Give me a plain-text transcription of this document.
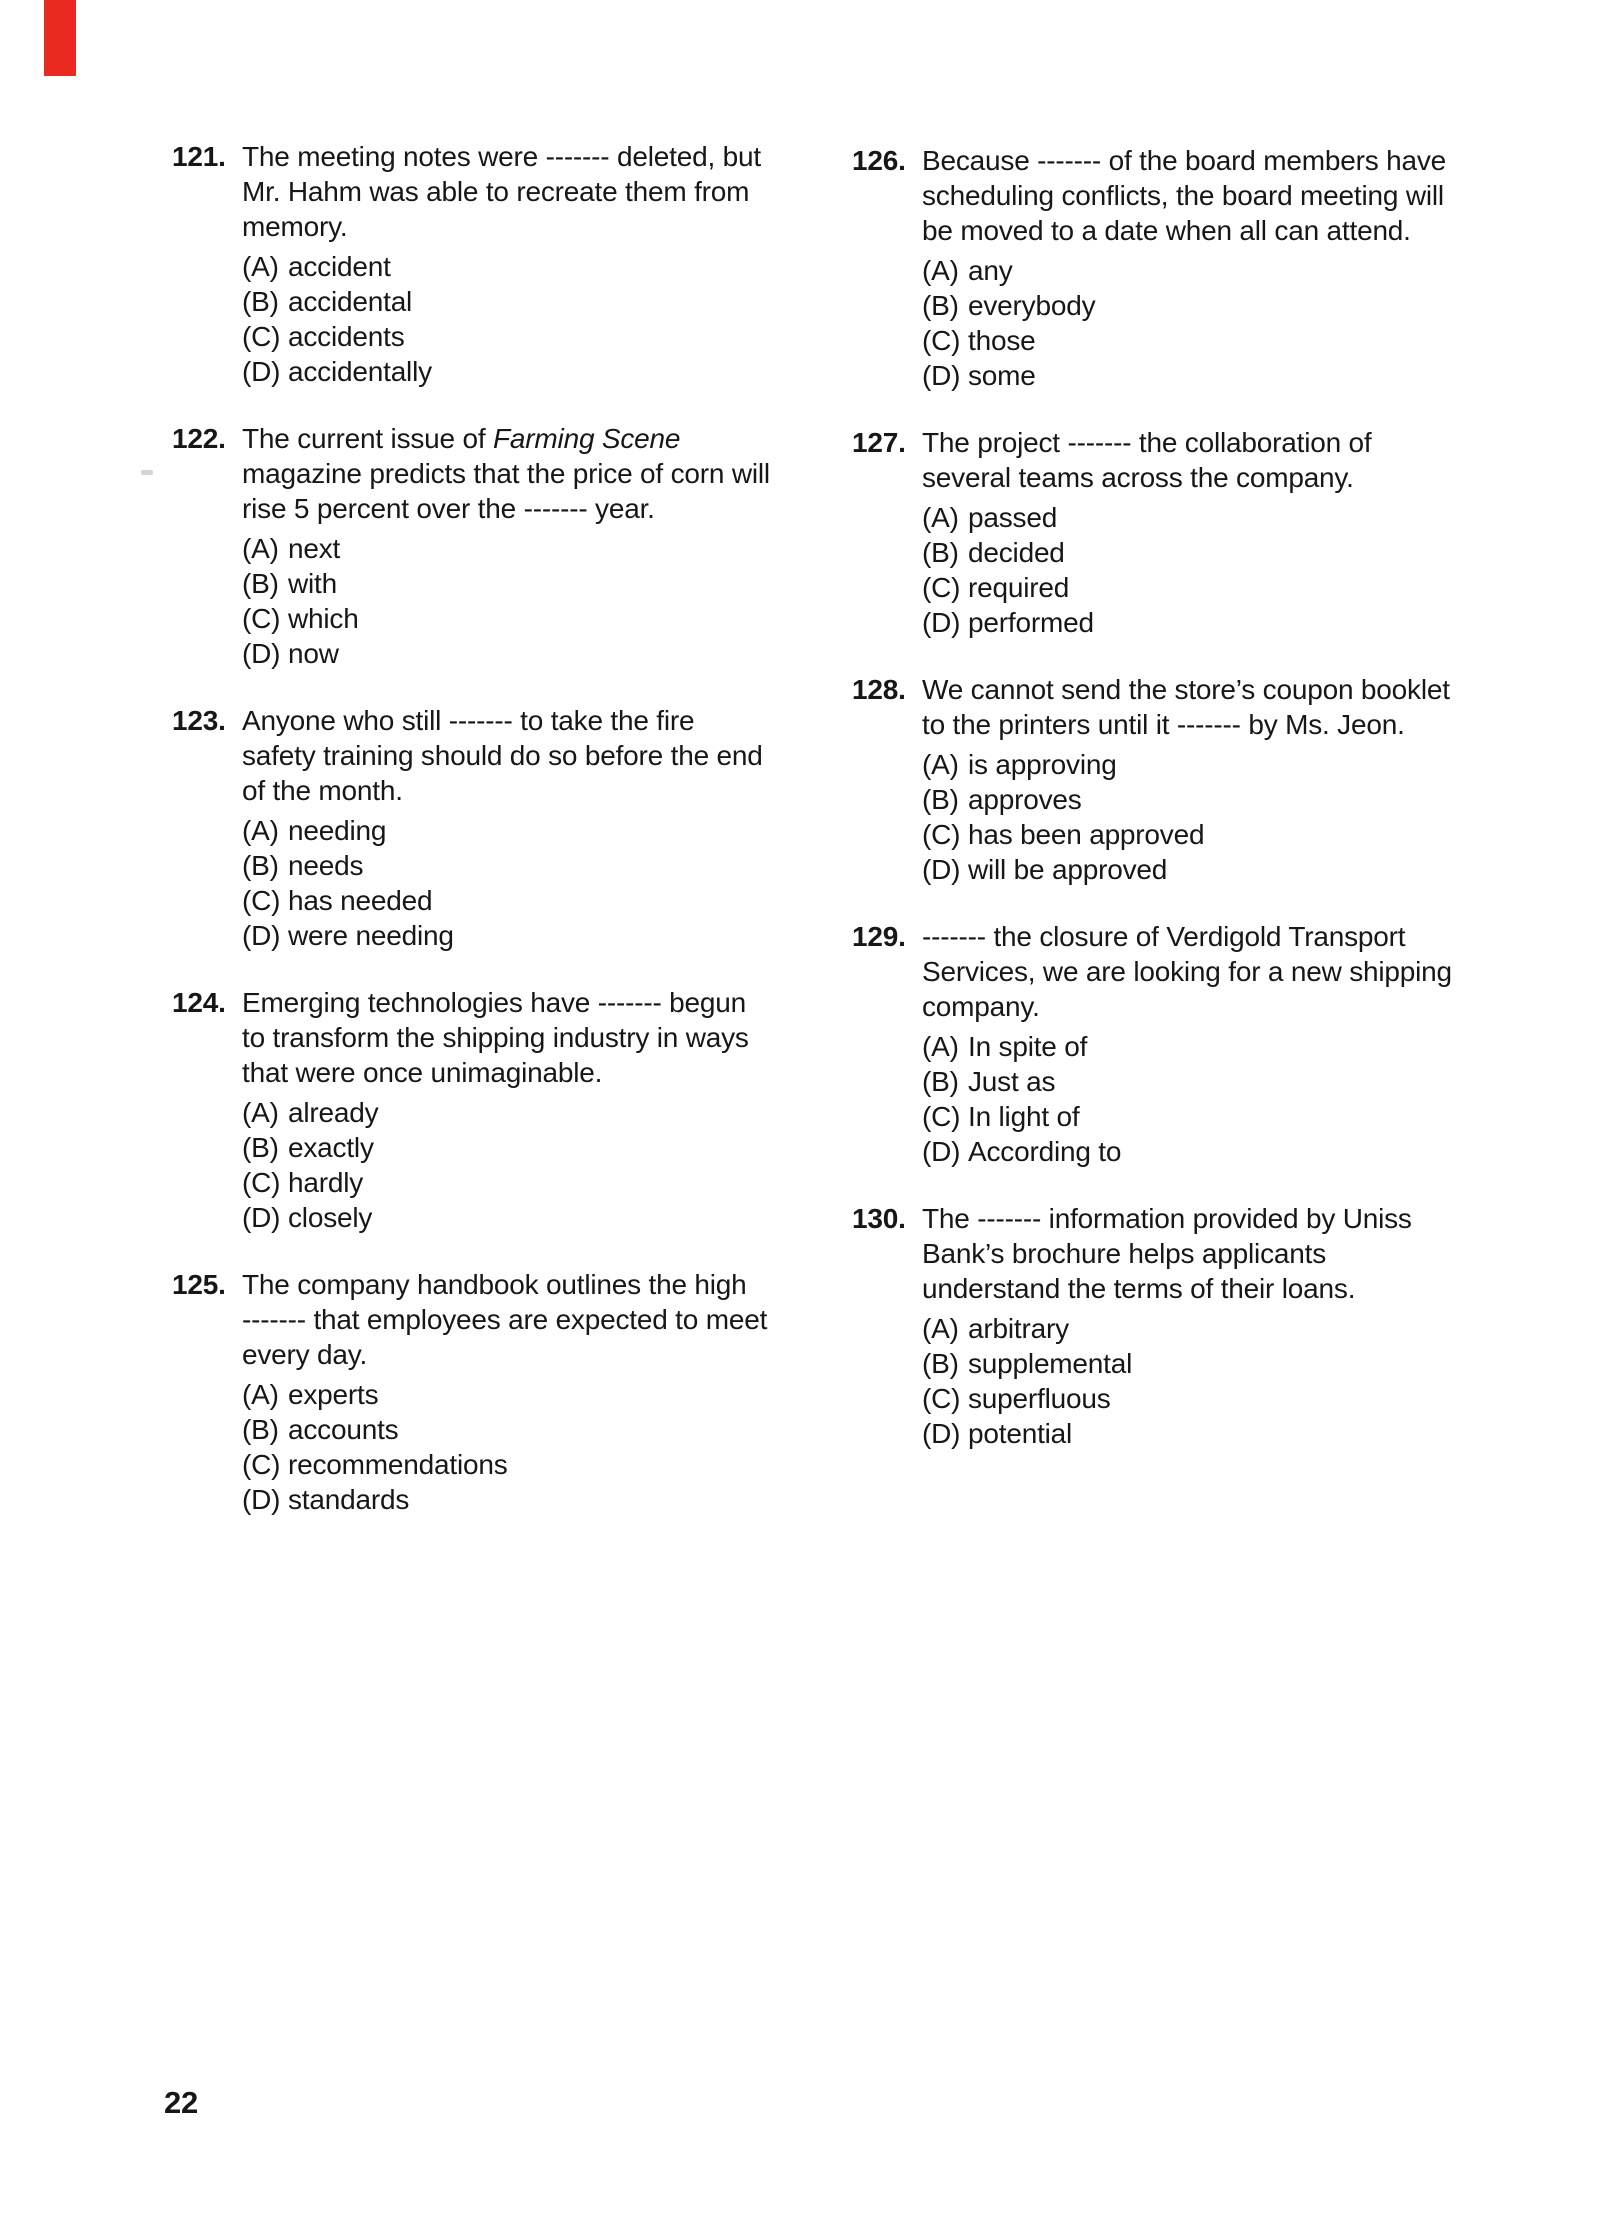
121. The meeting notes were ------- deleted, but
Mr. Hahm was able to recreate them from
memory.
(A) accident
(B) accidental
(C) accidents
(D) accidentally
122. The current issue of Farming Scene
magazine predicts that the price of corn will
rise 5 percent over the ------- year.
(A) next
(B) with
(C) which
(D) now
123. Anyone who still ------- to take the fire
safety training should do so before the end
of the month.
(A) needing
(B) needs
(C) has needed
(D) were needing
124. Emerging technologies have ------- begun
to transform the shipping industry in ways
that were once unimaginable.
(A) already
(B) exactly
(C) hardly
(D) closely
125. The company handbook outlines the high
------- that employees are expected to meet
every day.
(A) experts
(B) accounts
(C) recommendations
(D) standards
126. Because ------- of the board members have
scheduling conflicts, the board meeting will
be moved to a date when all can attend.
(A) any
(B) everybody
(C) those
(D) some
127. The project ------- the collaboration of
several teams across the company.
(A) passed
(B) decided
(C) required
(D) performed
128. We cannot send the store’s coupon booklet
to the printers until it ------- by Ms. Jeon.
(A) is approving
(B) approves
(C) has been approved
(D) will be approved
129. ------- the closure of Verdigold Transport
Services, we are looking for a new shipping
company.
(A) In spite of
(B) Just as
(C) In light of
(D) According to
130. The ------- information provided by Uniss
Bank’s brochure helps applicants
understand the terms of their loans.
(A) arbitrary
(B) supplemental
(C) superfluous
(D) potential
22
